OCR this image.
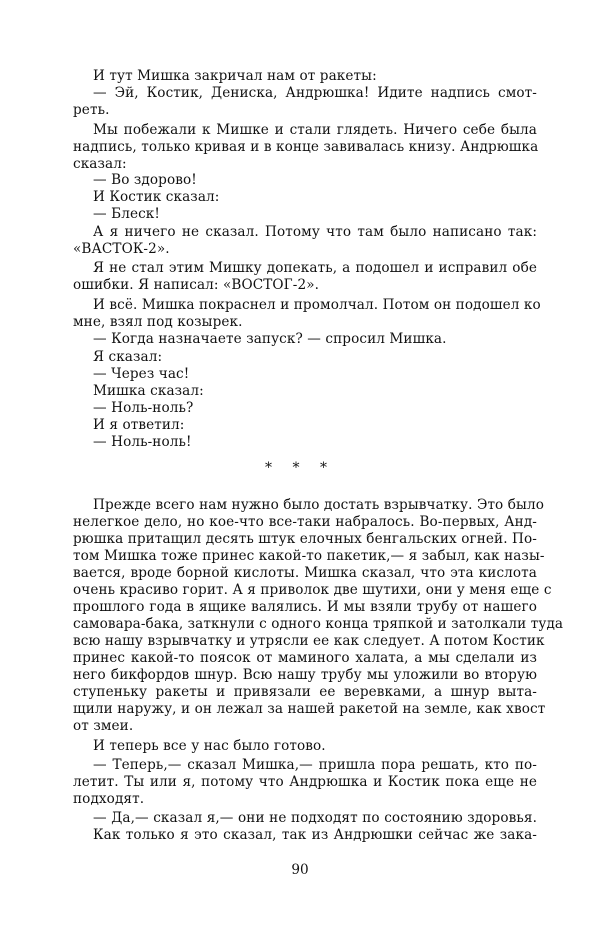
И тут Мишка закричал нам от ракеты:
— Эй, Костик, Дениска, Андрюшка! Идите надпись смот-
реть.
Мы побежали к Мишке и стали глядеть. Ничего себе была
надпись, только кривая и в конце завивалась книзу. Андрюшка
сказал:
— Во здорово!
И Костик сказал:
— Блеск!
А я ничего не сказал. Потому что там было написано так:
«ВАСТОК-2».
Я не стал этим Мишку допекать, а подошел и исправил обе
ошибки. Я написал: «ВОСТОГ-2».
И всё. Мишка покраснел и промолчал. Потом он подошел ко
мне, взял под козырек.
— Когда назначаете запуск? — спросил Мишка.
Я сказал:
— Через час!
Мишка сказал:
— Ноль-ноль?
И я ответил:
— Ноль-ноль!
* * *
Прежде всего нам нужно было достать взрывчатку. Это было
нелегкое дело, но кое-что все-таки набралось. Во-первых, Анд-
рюшка притащил десять штук елочных бенгальских огней. По-
том Мишка тоже принес какой-то пакетик,— я забыл, как назы-
вается, вроде борной кислоты. Мишка сказал, что эта кислота
очень красиво горит. А я приволок две шутихи, они у меня еще с
прошлого года в ящике валялись. И мы взяли трубу от нашего
самовара-бака, заткнули с одного конца тряпкой и затолкали туда
всю нашу взрывчатку и утрясли ее как следует. А потом Костик
принес какой-то поясок от маминого халата, а мы сделали из
него бикфордов шнур. Всю нашу трубу мы уложили во вторую
ступеньку ракеты и привязали ее веревками, а шнур выта-
щили наружу, и он лежал за нашей ракетой на земле, как хвост
от змеи.
И теперь все у нас было готово.
— Теперь,— сказал Мишка,— пришла пора решать, кто по-
летит. Ты или я, потому что Андрюшка и Костик пока еще не
подходят.
— Да,— сказал я,— они не подходят по состоянию здоровья.
Как только я это сказал, так из Андрюшки сейчас же зака-
90
